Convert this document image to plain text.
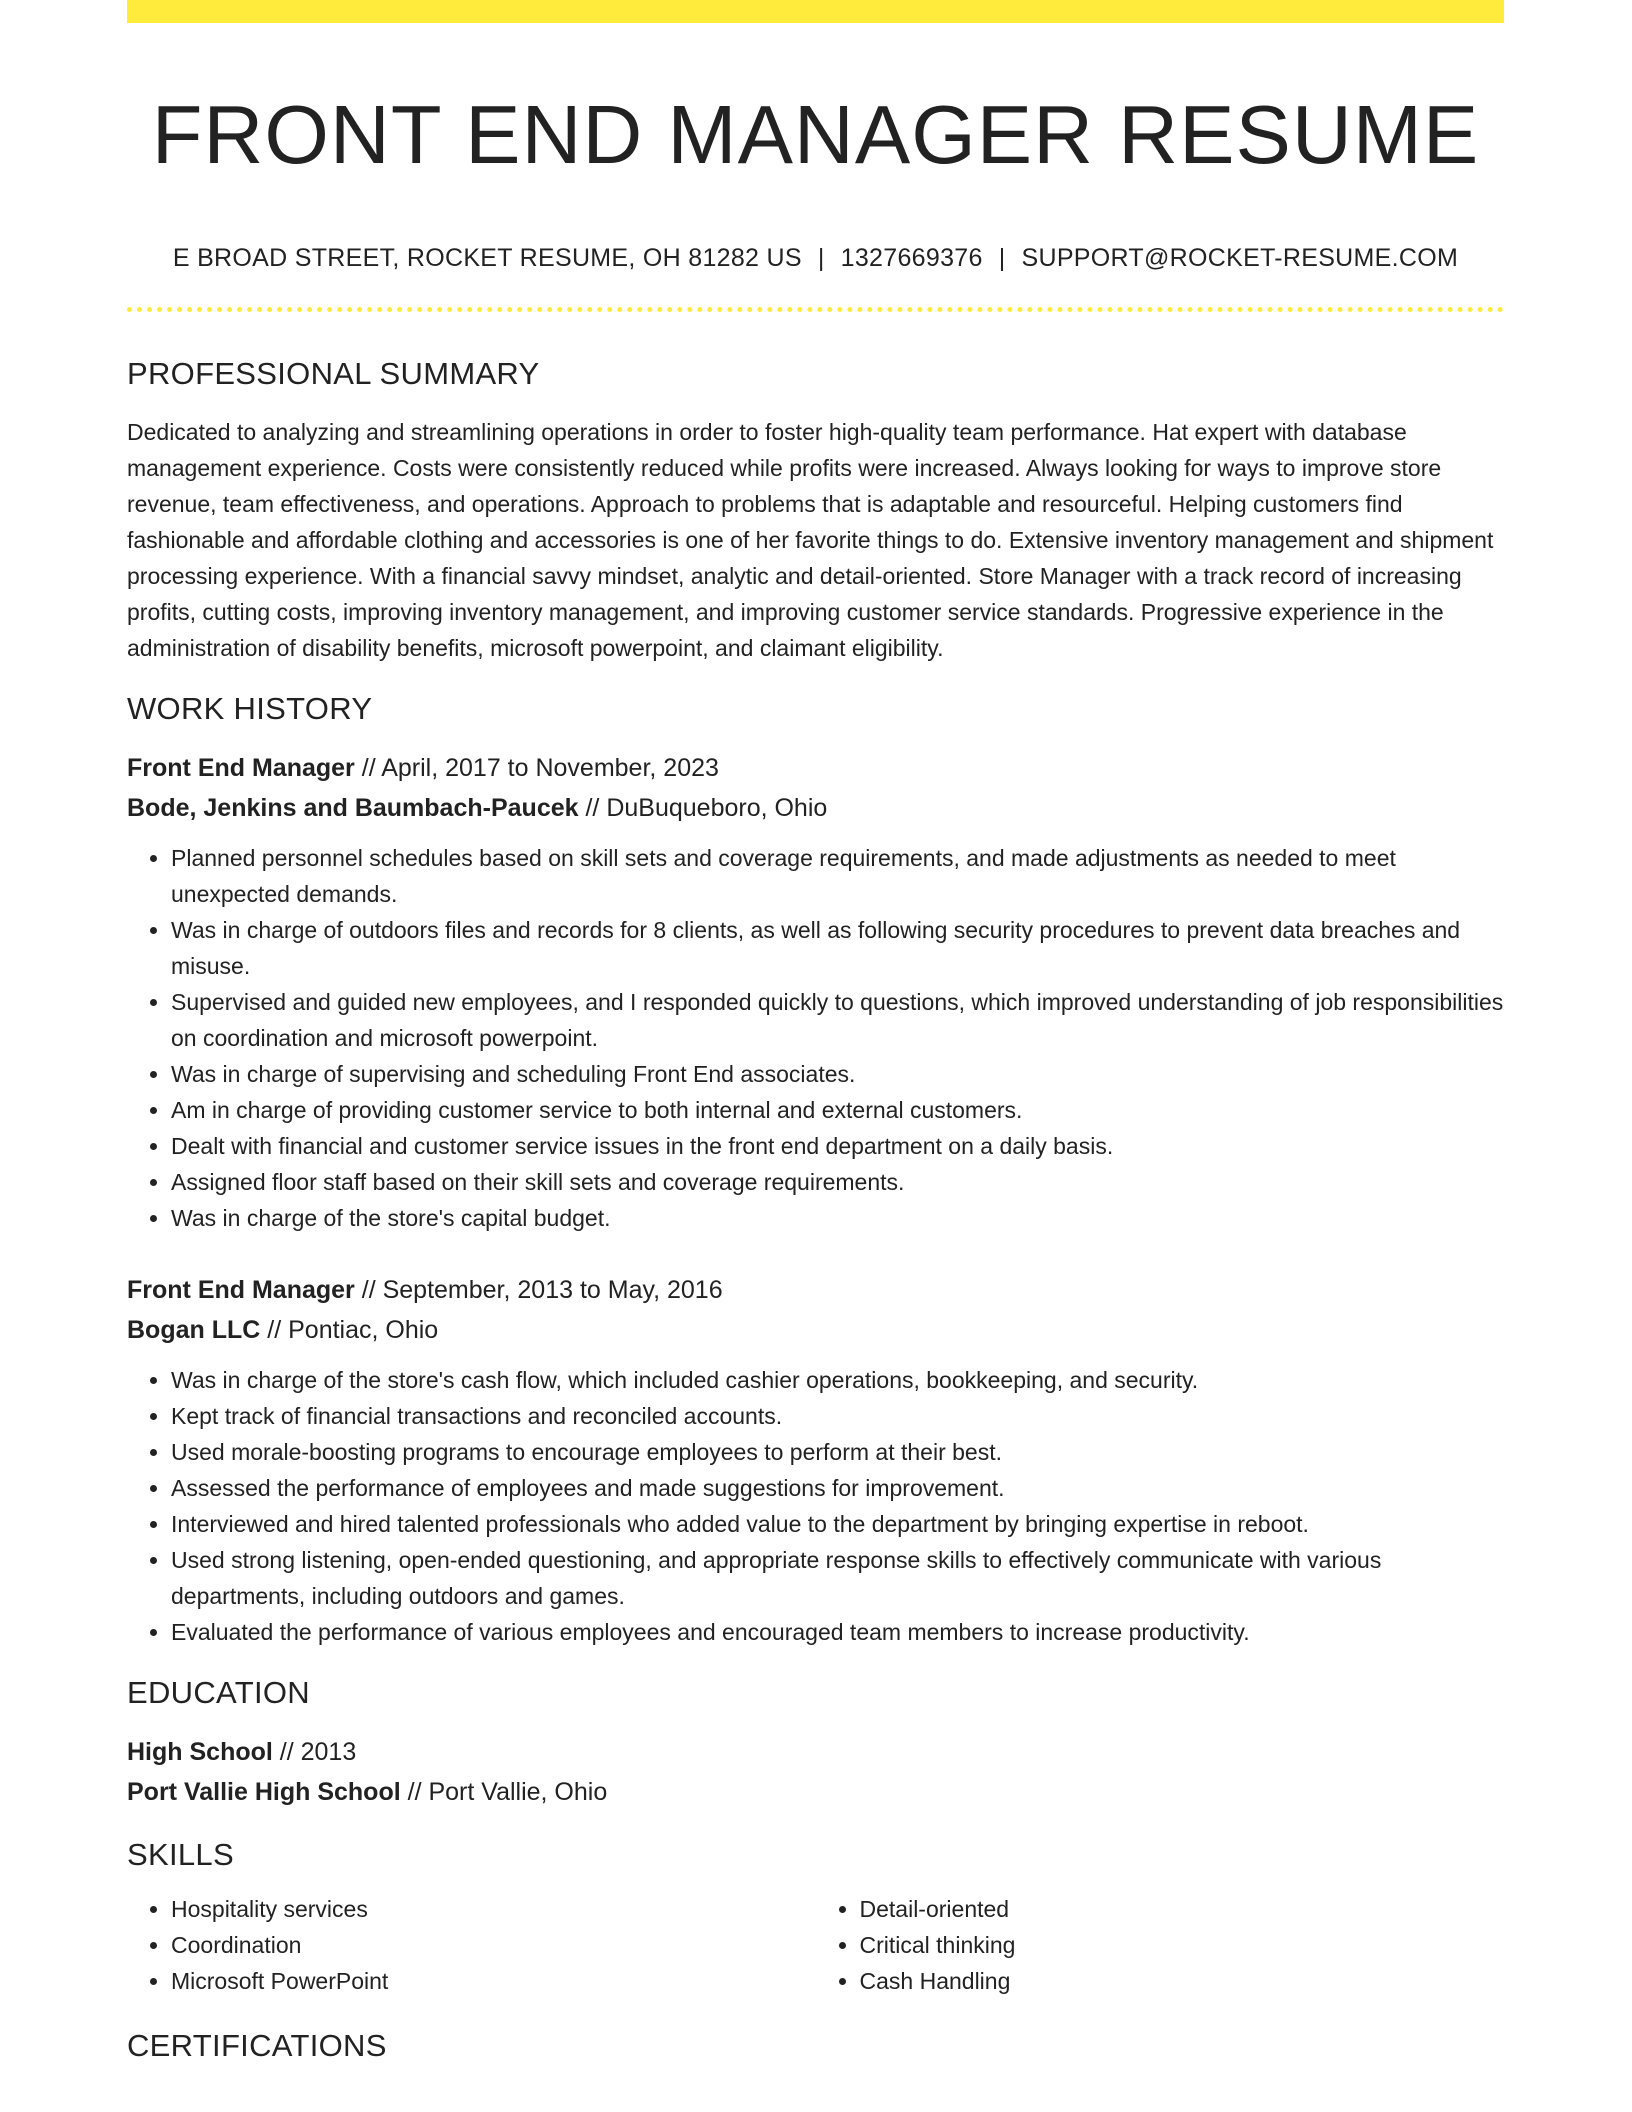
FRONT END MANAGER RESUME
E BROAD STREET, ROCKET RESUME, OH 81282 US | 1327669376 | SUPPORT@ROCKET-RESUME.COM
PROFESSIONAL SUMMARY

Dedicated to analyzing and streamlining operations in order to foster high-quality team performance. Hat expert with database management experience. Costs were consistently reduced while profits were increased. Always looking for ways to improve store revenue, team effectiveness, and operations. Approach to problems that is adaptable and resourceful. Helping customers find fashionable and affordable clothing and accessories is one of her favorite things to do. Extensive inventory management and shipment processing experience. With a financial savvy mindset, analytic and detail-oriented. Store Manager with a track record of increasing profits, cutting costs, improving inventory management, and improving customer service standards. Progressive experience in the administration of disability benefits, microsoft powerpoint, and claimant eligibility.

WORK HISTORY

Front End Manager // April, 2017 to November, 2023

Bode, Jenkins and Baumbach-Paucek // DuBuqueboro, Ohio

• Planned personnel schedules based on skill sets and coverage requirements, and made adjustments as needed to meet unexpected demands.
• Was in charge of outdoors files and records for 8 clients, as well as following security procedures to prevent data breaches and misuse.
• Supervised and guided new employees, and I responded quickly to questions, which improved understanding of job responsibilities on coordination and microsoft powerpoint.
• Was in charge of supervising and scheduling Front End associates.
• Am in charge of providing customer service to both internal and external customers.
• Dealt with financial and customer service issues in the front end department on a daily basis.
• Assigned floor staff based on their skill sets and coverage requirements.
• Was in charge of the store's capital budget.

Front End Manager // September, 2013 to May, 2016

Bogan LLC // Pontiac, Ohio

• Was in charge of the store's cash flow, which included cashier operations, bookkeeping, and security.
• Kept track of financial transactions and reconciled accounts.
• Used morale-boosting programs to encourage employees to perform at their best.
• Assessed the performance of employees and made suggestions for improvement.
• Interviewed and hired talented professionals who added value to the department by bringing expertise in reboot.
• Used strong listening, open-ended questioning, and appropriate response skills to effectively communicate with various departments, including outdoors and games.
• Evaluated the performance of various employees and encouraged team members to increase productivity.
EDUCATION

High School // 2013

Port Vallie High School // Port Vallie, Ohio

SKILLS
• Hospitality services
• Coordination
• Microsoft PowerPoint
• Detail-oriented
• Critical thinking
• Cash Handling
CERTIFICATIONS
